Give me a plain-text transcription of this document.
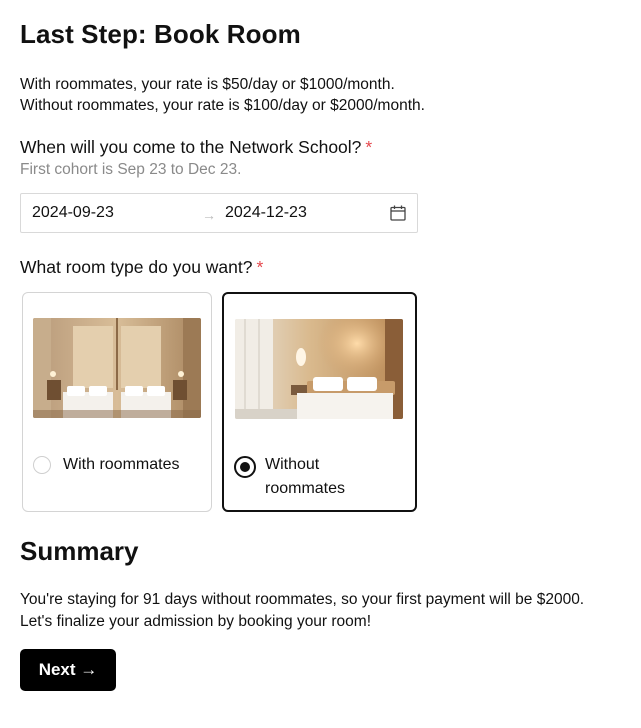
Last Step: Book Room
With roommates, your rate is $50/day or $1000/month.
Without roommates, your rate is $100/day or $2000/month.
When will you come to the Network School? *
First cohort is Sep 23 to Dec 23.
2024-09-23
→
2024-12-23
What room type do you want? *
With roommates	Without roommates
Summary
You're staying for 91 days without roommates, so your first payment will be $2000. Let's finalize your admission by booking your room!
Next →
